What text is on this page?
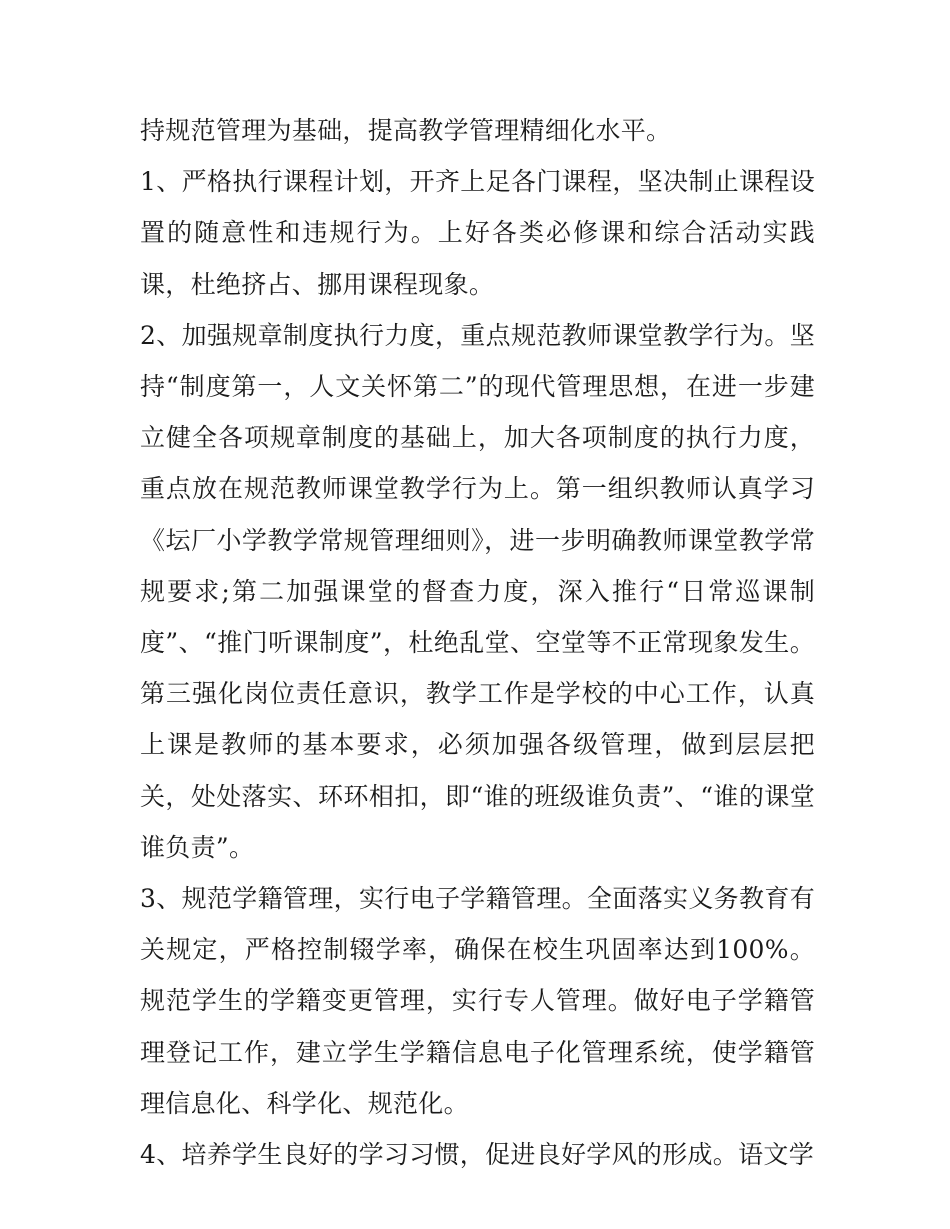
持规范管理为基础，提高教学管理精细化水平。

1、严格执行课程计划，开齐上足各门课程，坚决制止课程设置的随意性和违规行为。上好各类必修课和综合活动实践课，杜绝挤占、挪用课程现象。

2、加强规章制度执行力度，重点规范教师课堂教学行为。坚持“制度第一，人文关怀第二”的现代管理思想，在进一步建立健全各项规章制度的基础上，加大各项制度的执行力度，重点放在规范教师课堂教学行为上。第一组织教师认真学习《坛厂小学教学常规管理细则》，进一步明确教师课堂教学常规要求;第二加强课堂的督查力度，深入推行“日常巡课制度”、“推门听课制度”，杜绝乱堂、空堂等不正常现象发生。第三强化岗位责任意识，教学工作是学校的中心工作，认真上课是教师的基本要求，必须加强各级管理，做到层层把关，处处落实、环环相扣，即“谁的班级谁负责”、“谁的课堂谁负责”。

3、规范学籍管理，实行电子学籍管理。全面落实义务教育有关规定，严格控制辍学率，确保在校生巩固率达到100%。规范学生的学籍变更管理，实行专人管理。做好电子学籍管理登记工作，建立学生学籍信息电子化管理系统，使学籍管理信息化、科学化、规范化。

4、培养学生良好的学习习惯，促进良好学风的形成。语文学
